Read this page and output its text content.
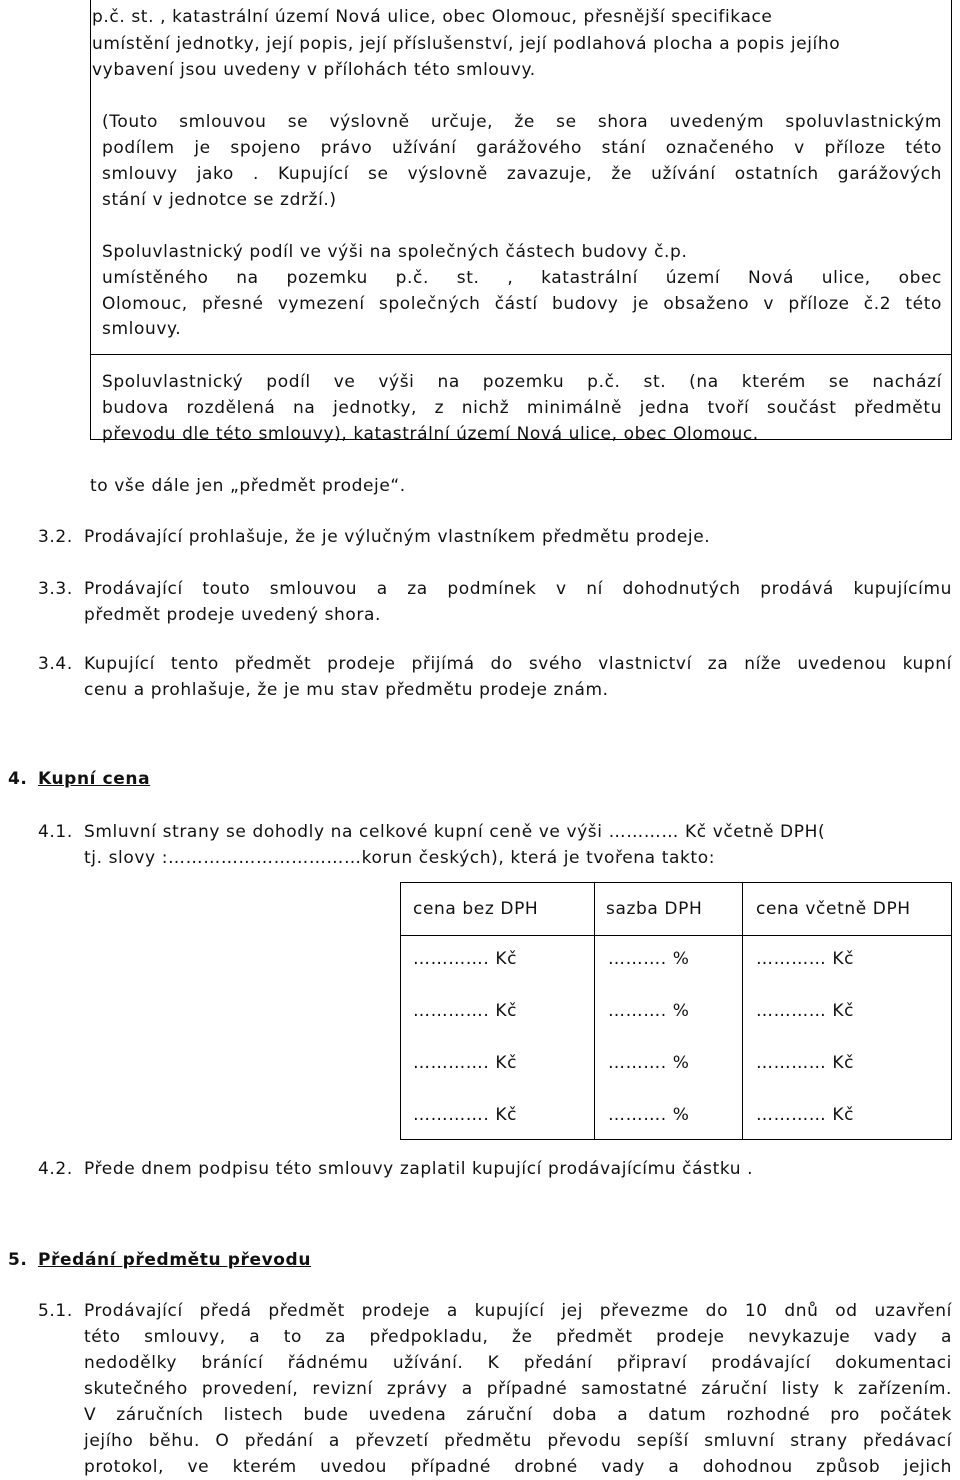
p.č. st. , katastrální území Nová ulice, obec Olomouc, přesnější specifikace
umístění jednotky, její popis, její příslušenství, její podlahová plocha a popis jejího
vybavení jsou uvedeny v přílohách této smlouvy.
(Touto smlouvou se výslovně určuje, že se shora uvedeným spoluvlastnickým
podílem je spojeno právo užívání garážového stání označeného v příloze této
smlouvy jako . Kupující se výslovně zavazuje, že užívání ostatních garážových
stání v jednotce se zdrží.)
Spoluvlastnický podíl ve výši na společných částech budovy č.p.
umístěného na pozemku p.č. st. , katastrální území Nová ulice, obec
Olomouc, přesné vymezení společných částí budovy je obsaženo v příloze č.2 této
smlouvy.
Spoluvlastnický podíl ve výši na pozemku p.č. st. (na kterém se nachází
budova rozdělená na jednotky, z nichž minimálně jedna tvoří součást předmětu
převodu dle této smlouvy), katastrální území Nová ulice, obec Olomouc.
to vše dále jen „předmět prodeje“.
3.2. Prodávající prohlašuje, že je výlučným vlastníkem předmětu prodeje.
3.3. Prodávající touto smlouvou a za podmínek v ní dohodnutých prodává kupujícímu
předmět prodeje uvedený shora.
3.4. Kupující tento předmět prodeje přijímá do svého vlastnictví za níže uvedenou kupní
cenu a prohlašuje, že je mu stav předmětu prodeje znám.
4. Kupní cena
4.1. Smluvní strany se dohodly na celkové kupní ceně ve výši ………… Kč včetně DPH(
tj. slovy :……………………………korun českých), která je tvořena takto:
cena bez DPH	sazba DPH	cena včetně DPH
…………. Kč	………. %	………… Kč
…………. Kč	………. %	………… Kč
…………. Kč	………. %	………… Kč
…………. Kč	………. %	………… Kč
4.2. Přede dnem podpisu této smlouvy zaplatil kupující prodávajícímu částku .
5. Předání předmětu převodu
5.1. Prodávající předá předmět prodeje a kupující jej převezme do 10 dnů od uzavření
této smlouvy, a to za předpokladu, že předmět prodeje nevykazuje vady a
nedodělky bránící řádnému užívání. K předání připraví prodávající dokumentaci
skutečného provedení, revizní zprávy a případné samostatné záruční listy k zařízením.
V záručních listech bude uvedena záruční doba a datum rozhodné pro počátek
jejího běhu. O předání a převzetí předmětu převodu sepíší smluvní strany předávací
protokol, ve kterém uvedou případné drobné vady a dohodnou způsob jejich
